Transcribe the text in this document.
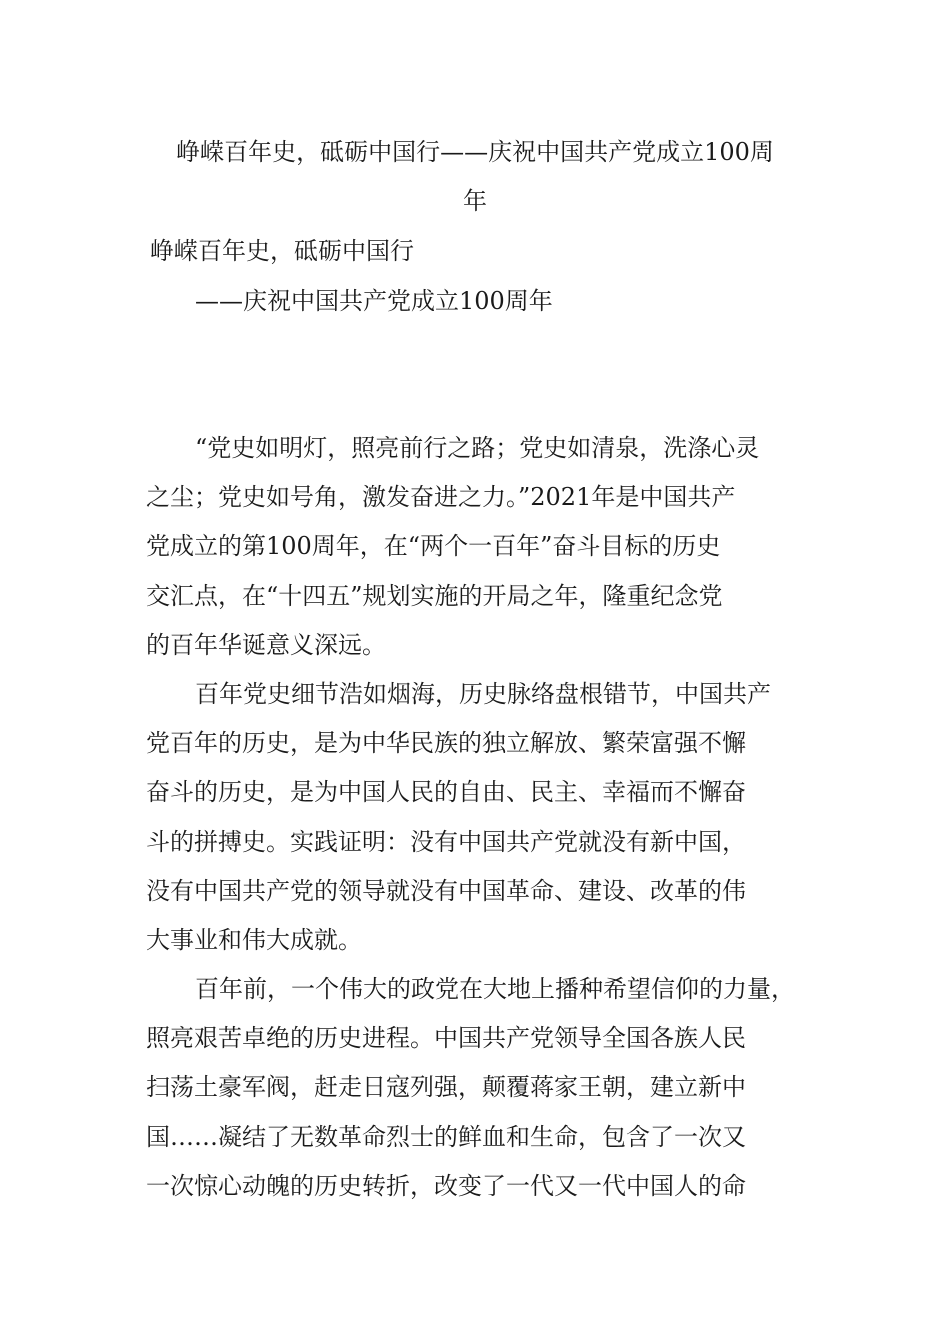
峥嵘百年史，砥砺中国行——庆祝中国共产党成立100周
年
峥嵘百年史，砥砺中国行
——庆祝中国共产党成立100周年
“党史如明灯，照亮前行之路；党史如清泉，洗涤心灵
之尘；党史如号角，激发奋进之力。”2021年是中国共产
党成立的第100周年，在“两个一百年”奋斗目标的历史
交汇点，在“十四五”规划实施的开局之年，隆重纪念党
的百年华诞意义深远。
百年党史细节浩如烟海，历史脉络盘根错节，中国共产
党百年的历史，是为中华民族的独立解放、繁荣富强不懈
奋斗的历史，是为中国人民的自由、民主、幸福而不懈奋
斗的拼搏史。实践证明：没有中国共产党就没有新中国，
没有中国共产党的领导就没有中国革命、建设、改革的伟
大事业和伟大成就。
百年前，一个伟大的政党在大地上播种希望信仰的力量，
照亮艰苦卓绝的历史进程。中国共产党领导全国各族人民
扫荡土豪军阀，赶走日寇列强，颠覆蒋家王朝，建立新中
国……凝结了无数革命烈士的鲜血和生命，包含了一次又
一次惊心动魄的历史转折，改变了一代又一代中国人的命
